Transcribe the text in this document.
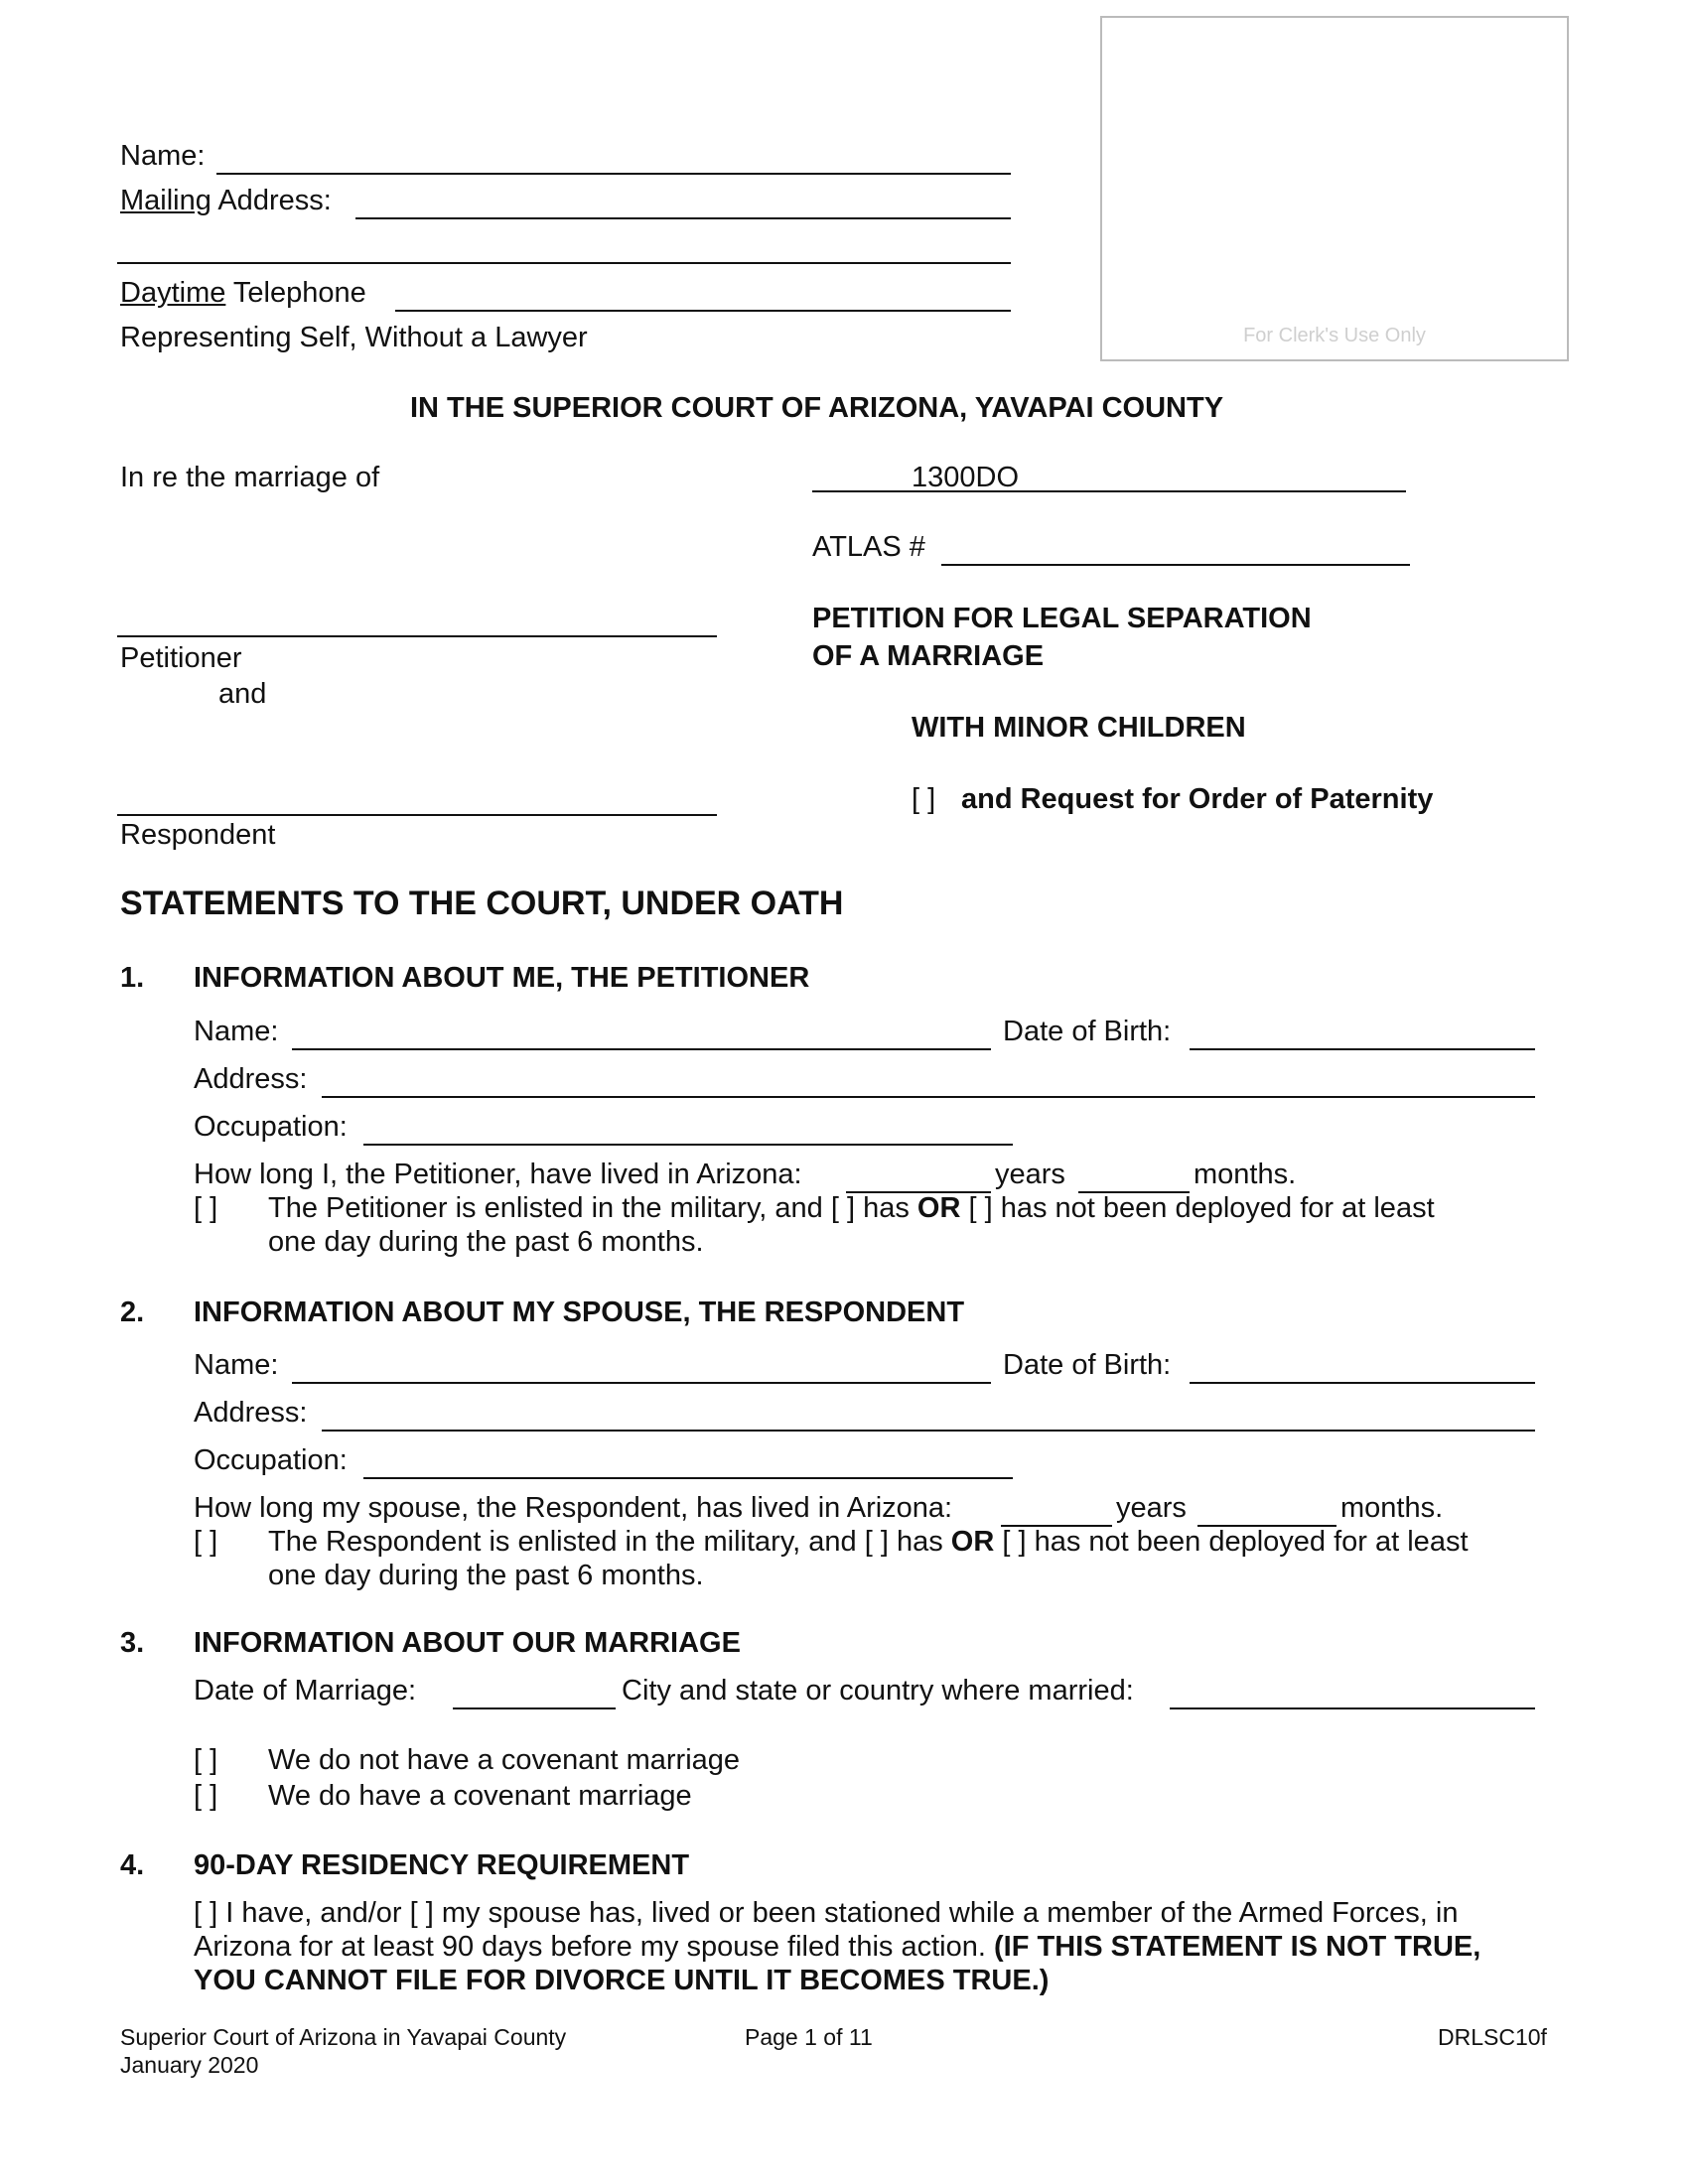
Name:
Mailing Address:
Daytime Telephone
Representing Self, Without a Lawyer	For Clerk's Use Only
IN THE SUPERIOR COURT OF ARIZONA, YAVAPAI COUNTY
In re the marriage of	1300DO
ATLAS #
Petitioner
and
PETITION FOR LEGAL SEPARATION
OF A MARRIAGE
WITH MINOR CHILDREN
[ ] and Request for Order of Paternity
Respondent
STATEMENTS TO THE COURT, UNDER OATH
1. INFORMATION ABOUT ME, THE PETITIONER
Name:	Date of Birth:
Address:
Occupation:
How long I, the Petitioner, have lived in Arizona:	years	months.
[ ] The Petitioner is enlisted in the military, and [ ] has OR [ ] has not been deployed for at least
one day during the past 6 months.
2. INFORMATION ABOUT MY SPOUSE, THE RESPONDENT
Name:	Date of Birth:
Address:
Occupation:
How long my spouse, the Respondent, has lived in Arizona:	years	months.
[ ] The Respondent is enlisted in the military, and [ ] has OR [ ] has not been deployed for at least
one day during the past 6 months.
3. INFORMATION ABOUT OUR MARRIAGE
Date of Marriage:	City and state or country where married:
[ ] We do not have a covenant marriage
[ ] We do have a covenant marriage
4. 90-DAY RESIDENCY REQUIREMENT
[ ] I have, and/or [ ] my spouse has, lived or been stationed while a member of the Armed Forces, in
Arizona for at least 90 days before my spouse filed this action. (IF THIS STATEMENT IS NOT TRUE,
YOU CANNOT FILE FOR DIVORCE UNTIL IT BECOMES TRUE.)
Superior Court of Arizona in Yavapai County
January 2020
Page 1 of 11	DRLSC10f
